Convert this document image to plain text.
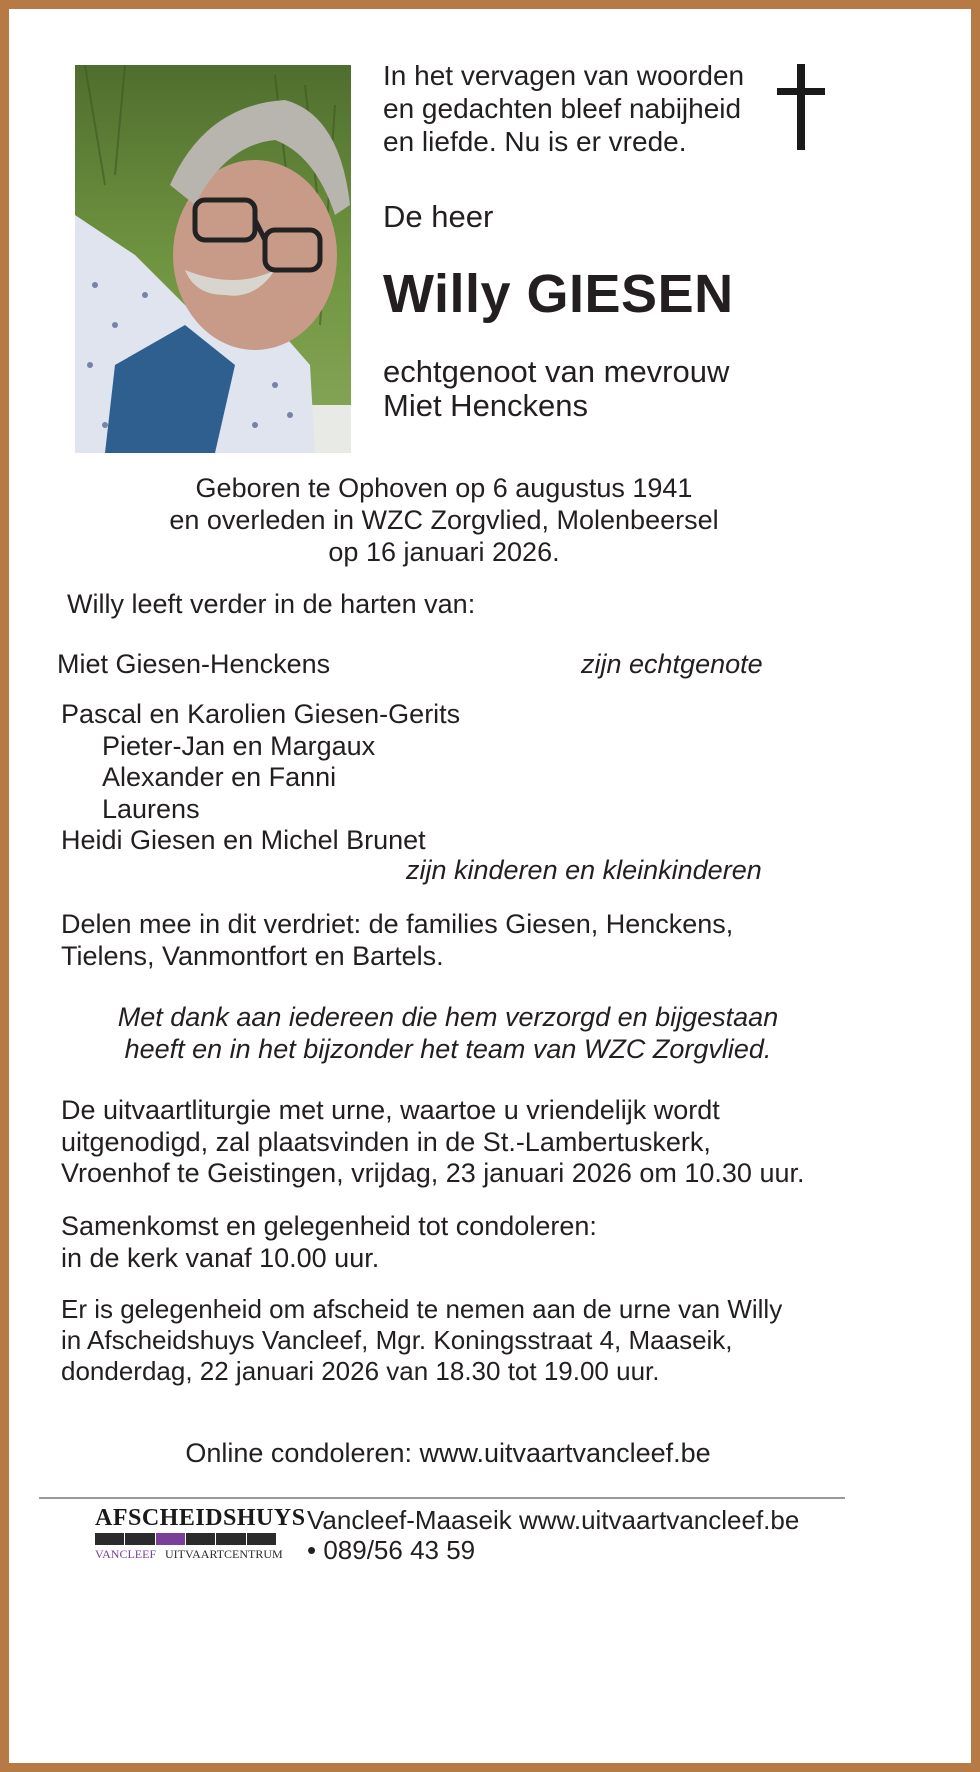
In het vervagen van woorden
en gedachten bleef nabijheid
en liefde. Nu is er vrede.
De heer
Willy GIESEN
echtgenoot van mevrouw
Miet Henckens
Geboren te Ophoven op 6 augustus 1941
en overleden in WZC Zorgvlied, Molenbeersel
op 16 januari 2026.
Willy leeft verder in de harten van:
Miet Giesen-Henckens	zijn echtgenote
Pascal en Karolien Giesen-Gerits
Pieter-Jan en Margaux
Alexander en Fanni
Laurens
Heidi Giesen en Michel Brunet
zijn kinderen en kleinkinderen
Delen mee in dit verdriet: de families Giesen, Henckens,
Tielens, Vanmontfort en Bartels.
Met dank aan iedereen die hem verzorgd en bijgestaan
heeft en in het bijzonder het team van WZC Zorgvlied.
De uitvaartliturgie met urne, waartoe u vriendelijk wordt
uitgenodigd, zal plaatsvinden in de St.-Lambertuskerk,
Vroenhof te Geistingen, vrijdag, 23 januari 2026 om 10.30 uur.
Samenkomst en gelegenheid tot condoleren:
in de kerk vanaf 10.00 uur.
Er is gelegenheid om afscheid te nemen aan de urne van Willy
in Afscheidshuys Vancleef, Mgr. Koningsstraat 4, Maaseik,
donderdag, 22 januari 2026 van 18.30 tot 19.00 uur.
Online condoleren: www.uitvaartvancleef.be
AFSCHEIDSHUYS
VANCLEEF UITVAARTCENTRUM
Vancleef-Maaseik www.uitvaartvancleef.be
• 089/56 43 59
